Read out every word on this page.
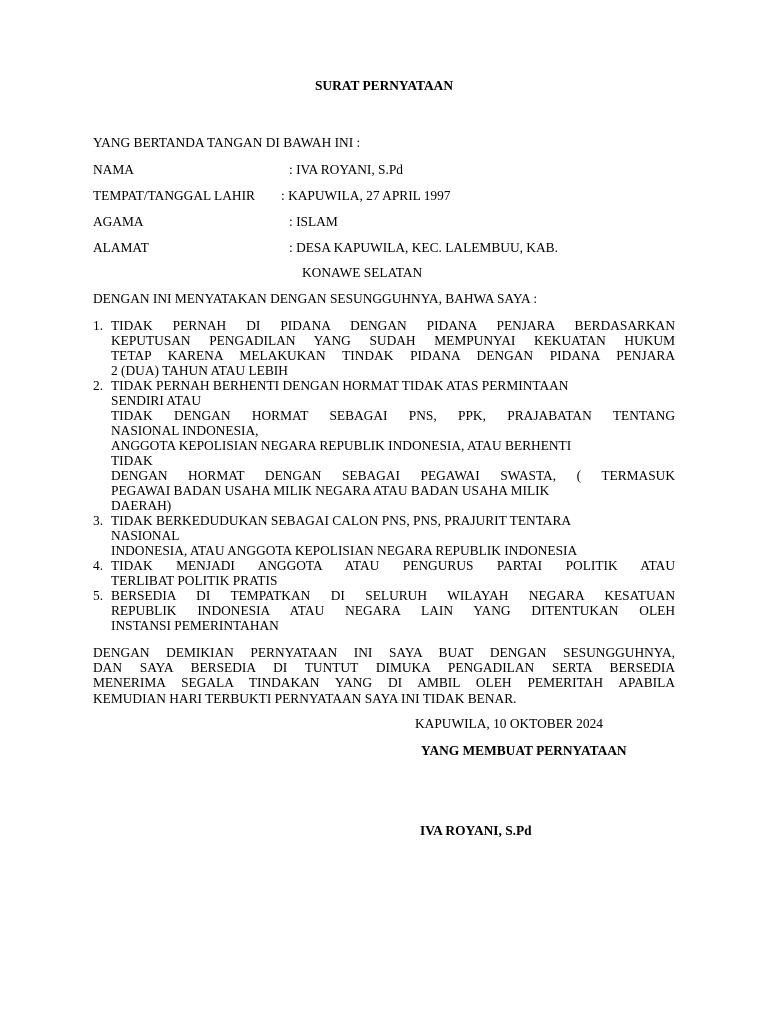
SURAT PERNYATAAN
YANG BERTANDA TANGAN DI BAWAH INI :
NAMA	: IVA ROYANI, S.Pd
TEMPAT/TANGGAL LAHIR : KAPUWILA, 27 APRIL 1997
AGAMA	: ISLAM
ALAMAT	: DESA KAPUWILA, KEC. LALEMBUU, KAB.
KONAWE SELATAN
DENGAN INI MENYATAKAN DENGAN SESUNGGUHNYA, BAHWA SAYA :
1. TIDAK PERNAH DI PIDANA DENGAN PIDANA PENJARA BERDASARKAN
KEPUTUSAN PENGADILAN YANG SUDAH MEMPUNYAI KEKUATAN HUKUM
TETAP KARENA MELAKUKAN TINDAK PIDANA DENGAN PIDANA PENJARA
2 (DUA) TAHUN ATAU LEBIH
2. TIDAK PERNAH BERHENTI DENGAN HORMAT TIDAK ATAS PERMINTAAN
SENDIRI ATAU
TIDAK DENGAN HORMAT SEBAGAI PNS, PPK, PRAJABATAN TENTANG
NASIONAL INDONESIA,
ANGGOTA KEPOLISIAN NEGARA REPUBLIK INDONESIA, ATAU BERHENTI
TIDAK
DENGAN HORMAT DENGAN SEBAGAI PEGAWAI SWASTA, ( TERMASUK
PEGAWAI BADAN USAHA MILIK NEGARA ATAU BADAN USAHA MILIK
DAERAH)
3. TIDAK BERKEDUDUKAN SEBAGAI CALON PNS, PNS, PRAJURIT TENTARA
NASIONAL
INDONESIA, ATAU ANGGOTA KEPOLISIAN NEGARA REPUBLIK INDONESIA
4. TIDAK MENJADI ANGGOTA ATAU PENGURUS PARTAI POLITIK ATAU
TERLIBAT POLITIK PRATIS
5. BERSEDIA DI TEMPATKAN DI SELURUH WILAYAH NEGARA KESATUAN
REPUBLIK INDONESIA ATAU NEGARA LAIN YANG DITENTUKAN OLEH
INSTANSI PEMERINTAHAN
DENGAN DEMIKIAN PERNYATAAN INI SAYA BUAT DENGAN SESUNGGUHNYA,
DAN SAYA BERSEDIA DI TUNTUT DIMUKA PENGADILAN SERTA BERSEDIA
MENERIMA SEGALA TINDAKAN YANG DI AMBIL OLEH PEMERITAH APABILA
KEMUDIAN HARI TERBUKTI PERNYATAAN SAYA INI TIDAK BENAR.
KAPUWILA, 10 OKTOBER 2024
YANG MEMBUAT PERNYATAAN
IVA ROYANI, S.Pd
